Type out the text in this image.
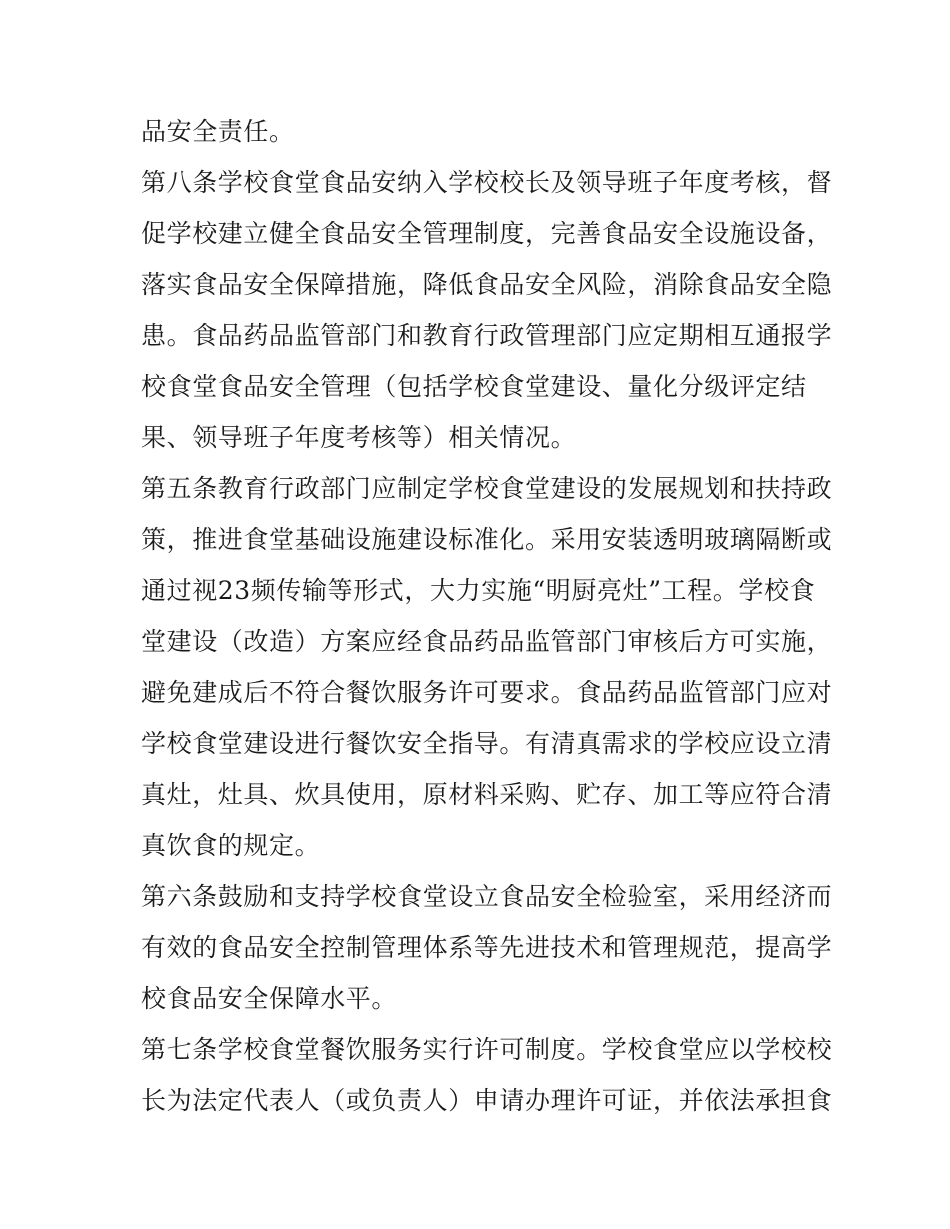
品安全责任。
第八条学校食堂食品安纳入学校校长及领导班子年度考核，督
促学校建立健全食品安全管理制度，完善食品安全设施设备，
落实食品安全保障措施，降低食品安全风险，消除食品安全隐
患。食品药品监管部门和教育行政管理部门应定期相互通报学
校食堂食品安全管理（包括学校食堂建设、量化分级评定结
果、领导班子年度考核等）相关情况。
第五条教育行政部门应制定学校食堂建设的发展规划和扶持政
策，推进食堂基础设施建设标准化。采用安装透明玻璃隔断或
通过视23频传输等形式，大力实施“明厨亮灶”工程。学校食
堂建设（改造）方案应经食品药品监管部门审核后方可实施，
避免建成后不符合餐饮服务许可要求。食品药品监管部门应对
学校食堂建设进行餐饮安全指导。有清真需求的学校应设立清
真灶，灶具、炊具使用，原材料采购、贮存、加工等应符合清
真饮食的规定。
第六条鼓励和支持学校食堂设立食品安全检验室，采用经济而
有效的食品安全控制管理体系等先进技术和管理规范，提高学
校食品安全保障水平。
第七条学校食堂餐饮服务实行许可制度。学校食堂应以学校校
长为法定代表人（或负责人）申请办理许可证，并依法承担食
